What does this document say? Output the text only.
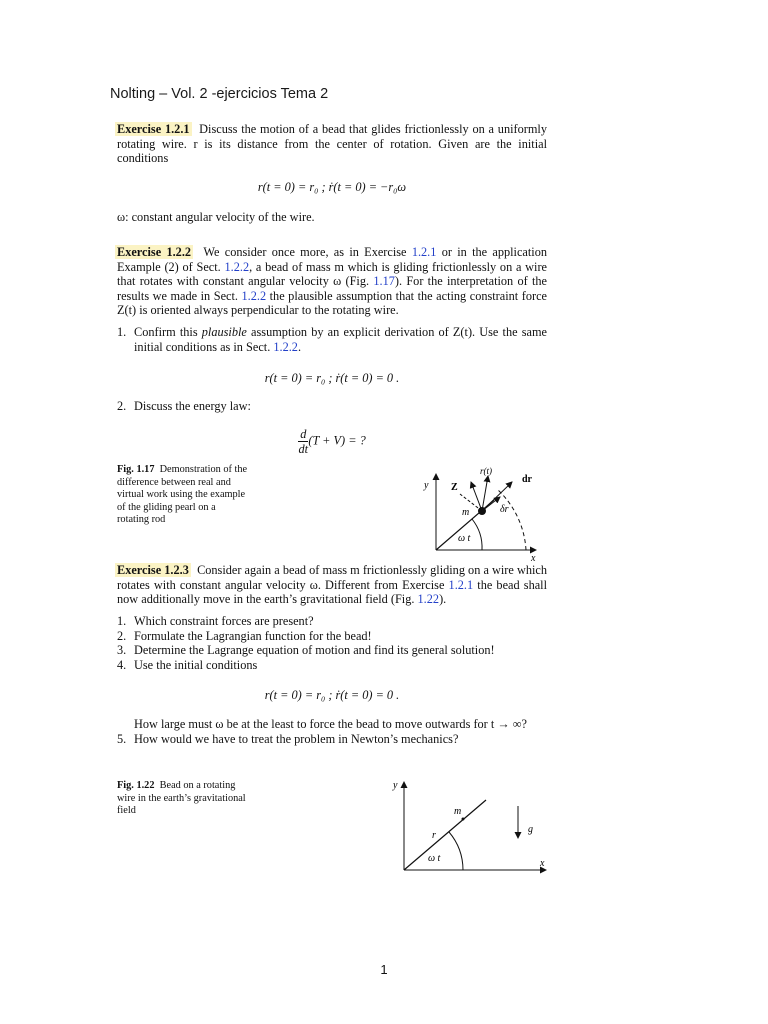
Nolting – Vol. 2 -ejercicios Tema 2
Exercise 1.2.1 Discuss the motion of a bead that glides frictionlessly on a uniformly rotating wire. r is its distance from the center of rotation. Given are the initial conditions
r(t = 0) = r₀ ; ṙ(t = 0) = −r₀ω
ω: constant angular velocity of the wire.
Exercise 1.2.2 We consider once more, as in Exercise 1.2.1 or in the application Example (2) of Sect. 1.2.2, a bead of mass m which is gliding frictionlessly on a wire that rotates with constant angular velocity ω (Fig. 1.17). For the interpretation of the results we made in Sect. 1.2.2 the plausible assumption that the acting constraint force Z(t) is oriented always perpendicular to the rotating wire.
1. Confirm this plausible assumption by an explicit derivation of Z(t). Use the same initial conditions as in Sect. 1.2.2.
r(t = 0) = r₀ ; ṙ(t = 0) = 0 .
2. Discuss the energy law:
$\frac{d}{dt} (T + V)$ = ?
Fig. 1.17 Demonstration of the difference between real and virtual work using the example of the gliding pearl on a rotating rod
y
x
Z
r(t)
dr
m	δr
ω t
Exercise 1.2.3 Consider again a bead of mass m frictionlessly gliding on a wire which rotates with constant angular velocity ω. Different from Exercise 1.2.1 the bead shall now additionally move in the earth’s gravitational field (Fig. 1.22).
1. Which constraint forces are present?
2. Formulate the Lagrangian function for the bead!
3. Determine the Lagrange equation of motion and find its general solution!
4. Use the initial conditions
r(t = 0) = r₀ ; ṙ(t = 0) = 0 .
How large must ω be at the least to force the bead to move outwards for t → ∞?
5. How would we have to treat the problem in Newton’s mechanics?
Fig. 1.22 Bead on a rotating wire in the earth’s gravitational field
y
x
m
r
g
ω t
1
